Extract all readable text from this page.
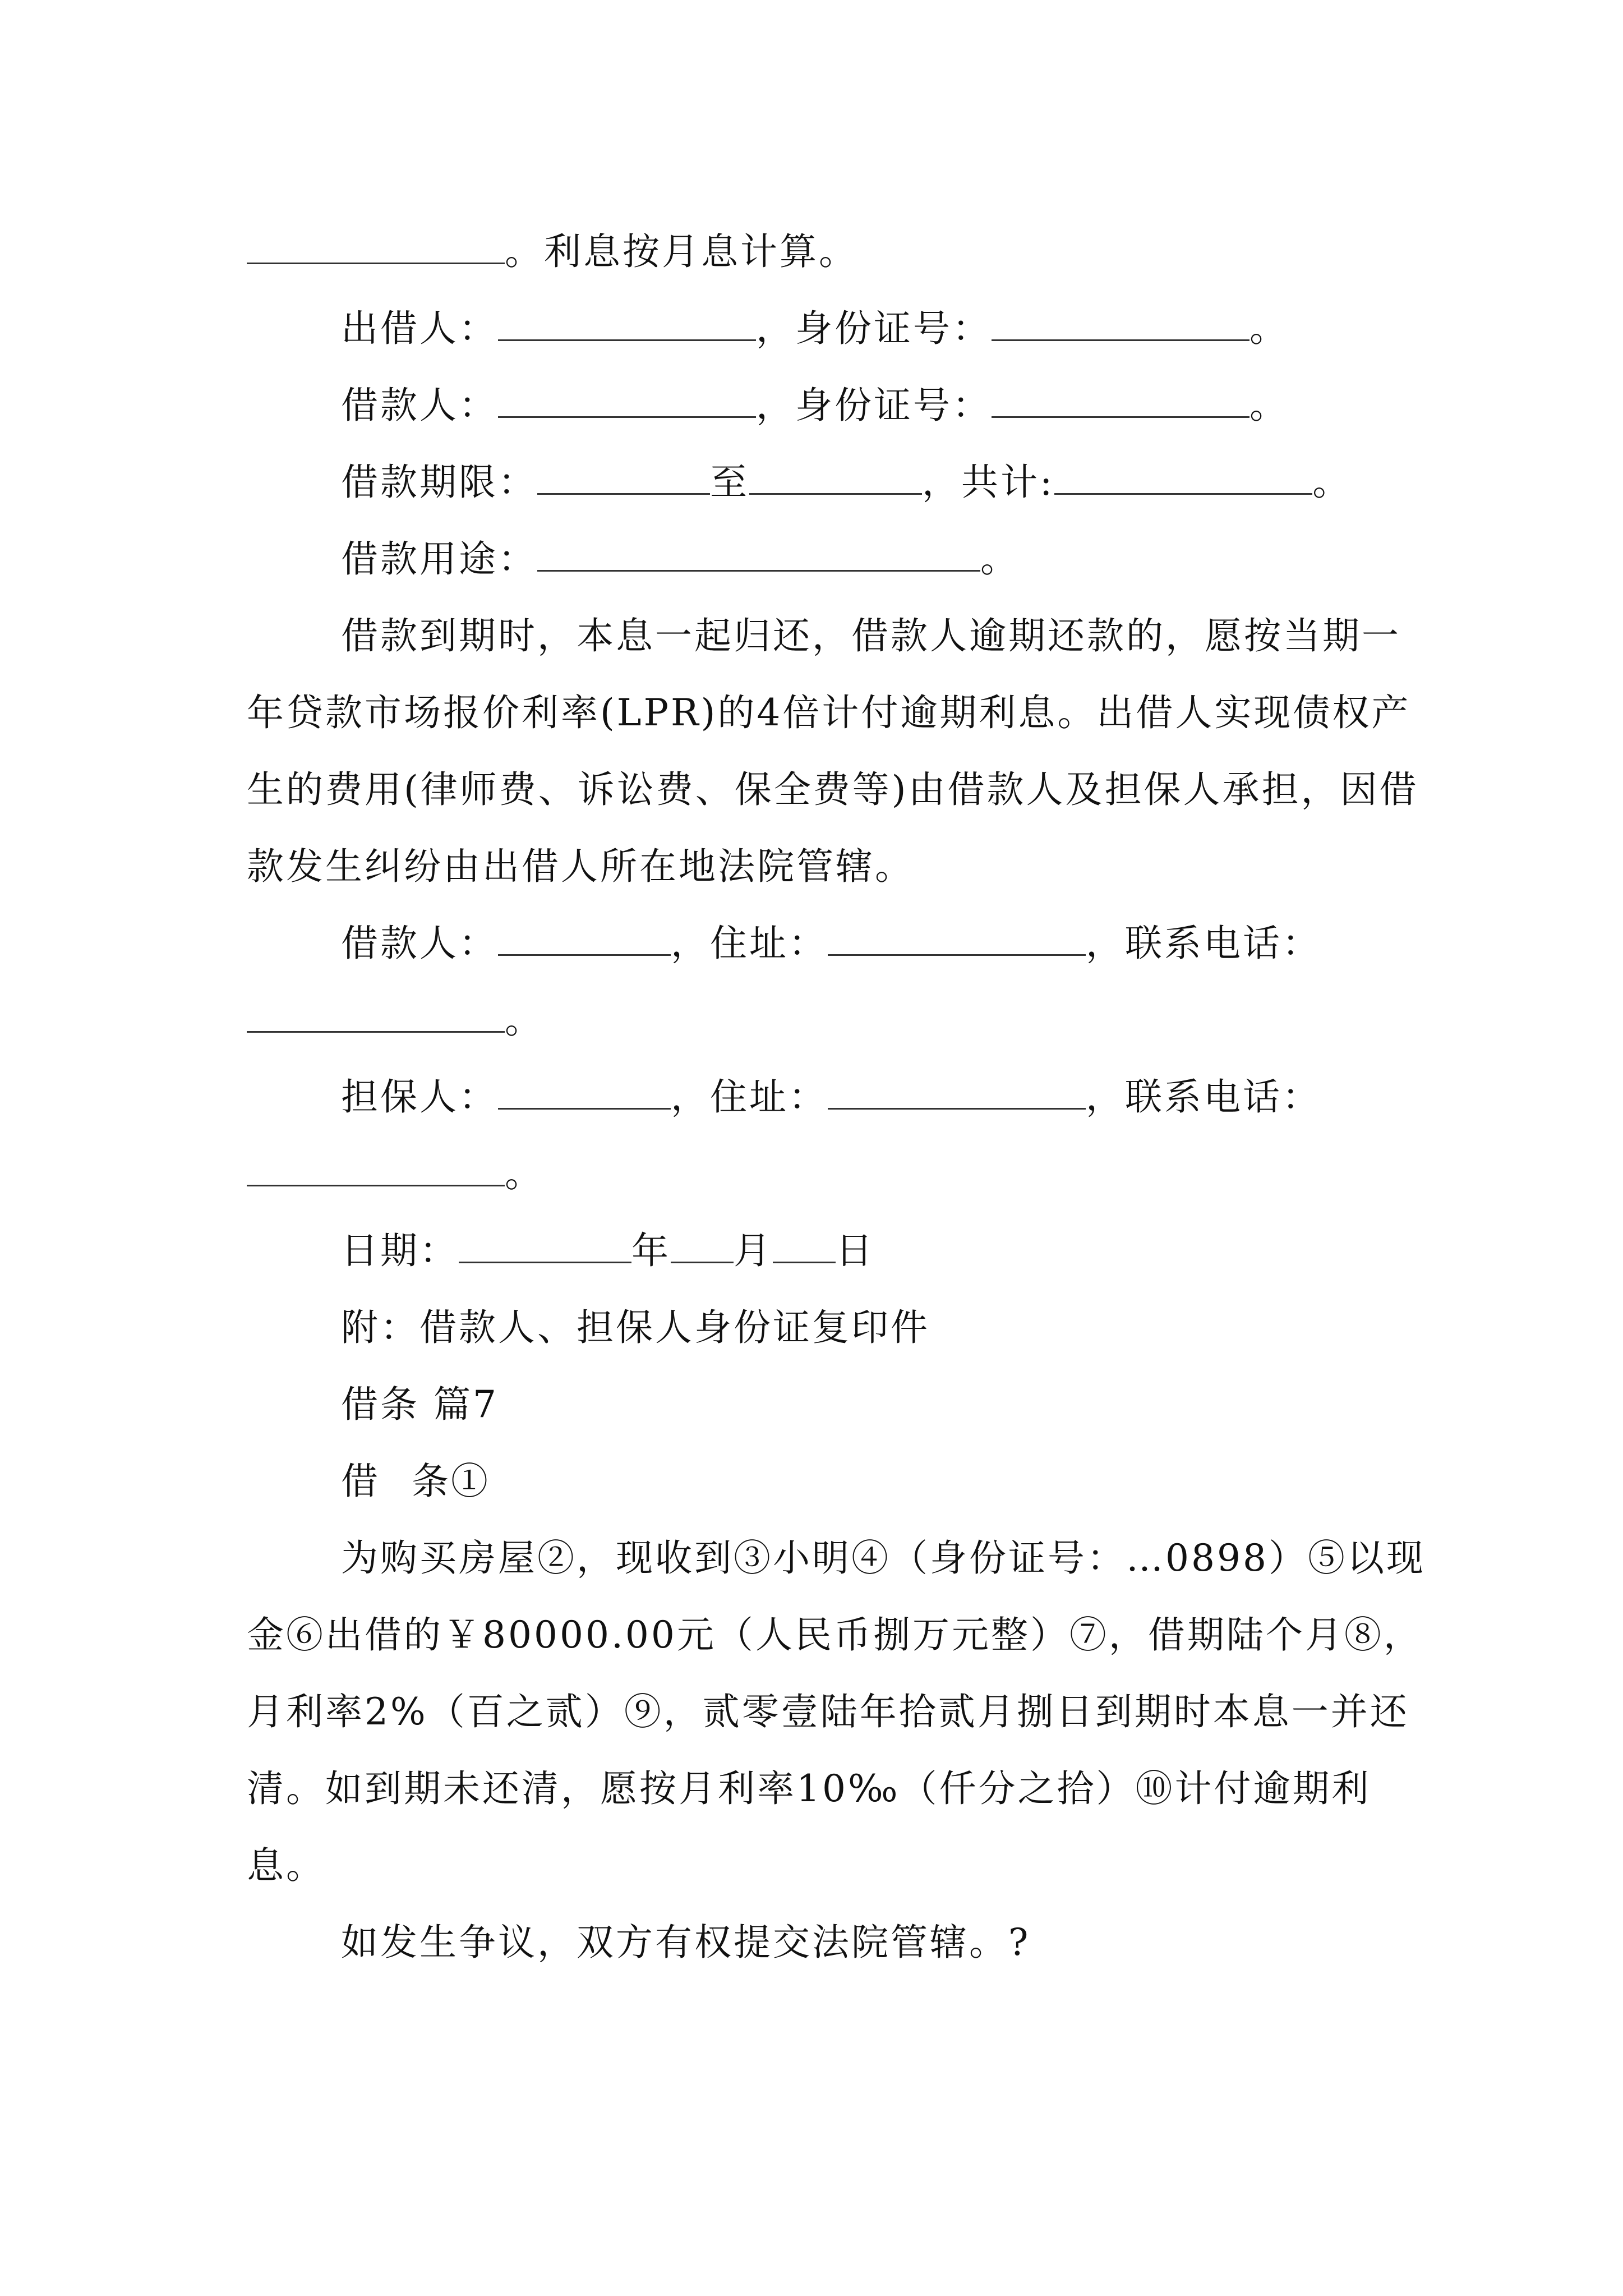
。利息按月息计算。

出借人：	，身份证号：	。

借款人：	，身份证号：	。

借款期限：	至	，共计:	。

借款用途：	。

借款到期时，本息一起归还，借款人逾期还款的，愿按当期一年贷款市场报价利率(LPR)的4倍计付逾期利息。出借人实现债权产生的费用(律师费、诉讼费、保全费等)由借款人及担保人承担，因借款发生纠纷由出借人所在地法院管辖。

借款人：	，住址：	，联系电话：。

担保人：	，住址：	，联系电话：。

日期：	年 月 日

附：借款人、担保人身份证复印件

借条 篇7

借 条①

为购买房屋②，现收到③小明④（身份证号：…0898）⑤以现金⑥出借的￥80000.00元（人民币捌万元整）⑦，借期陆个月⑧，月利率2%（百之贰）⑨，贰零壹陆年拾贰月捌日到期时本息一并还清。如到期未还清，愿按月利率10‰（仟分之拾）⑩计付逾期利息。

如发生争议，双方有权提交法院管辖。?
